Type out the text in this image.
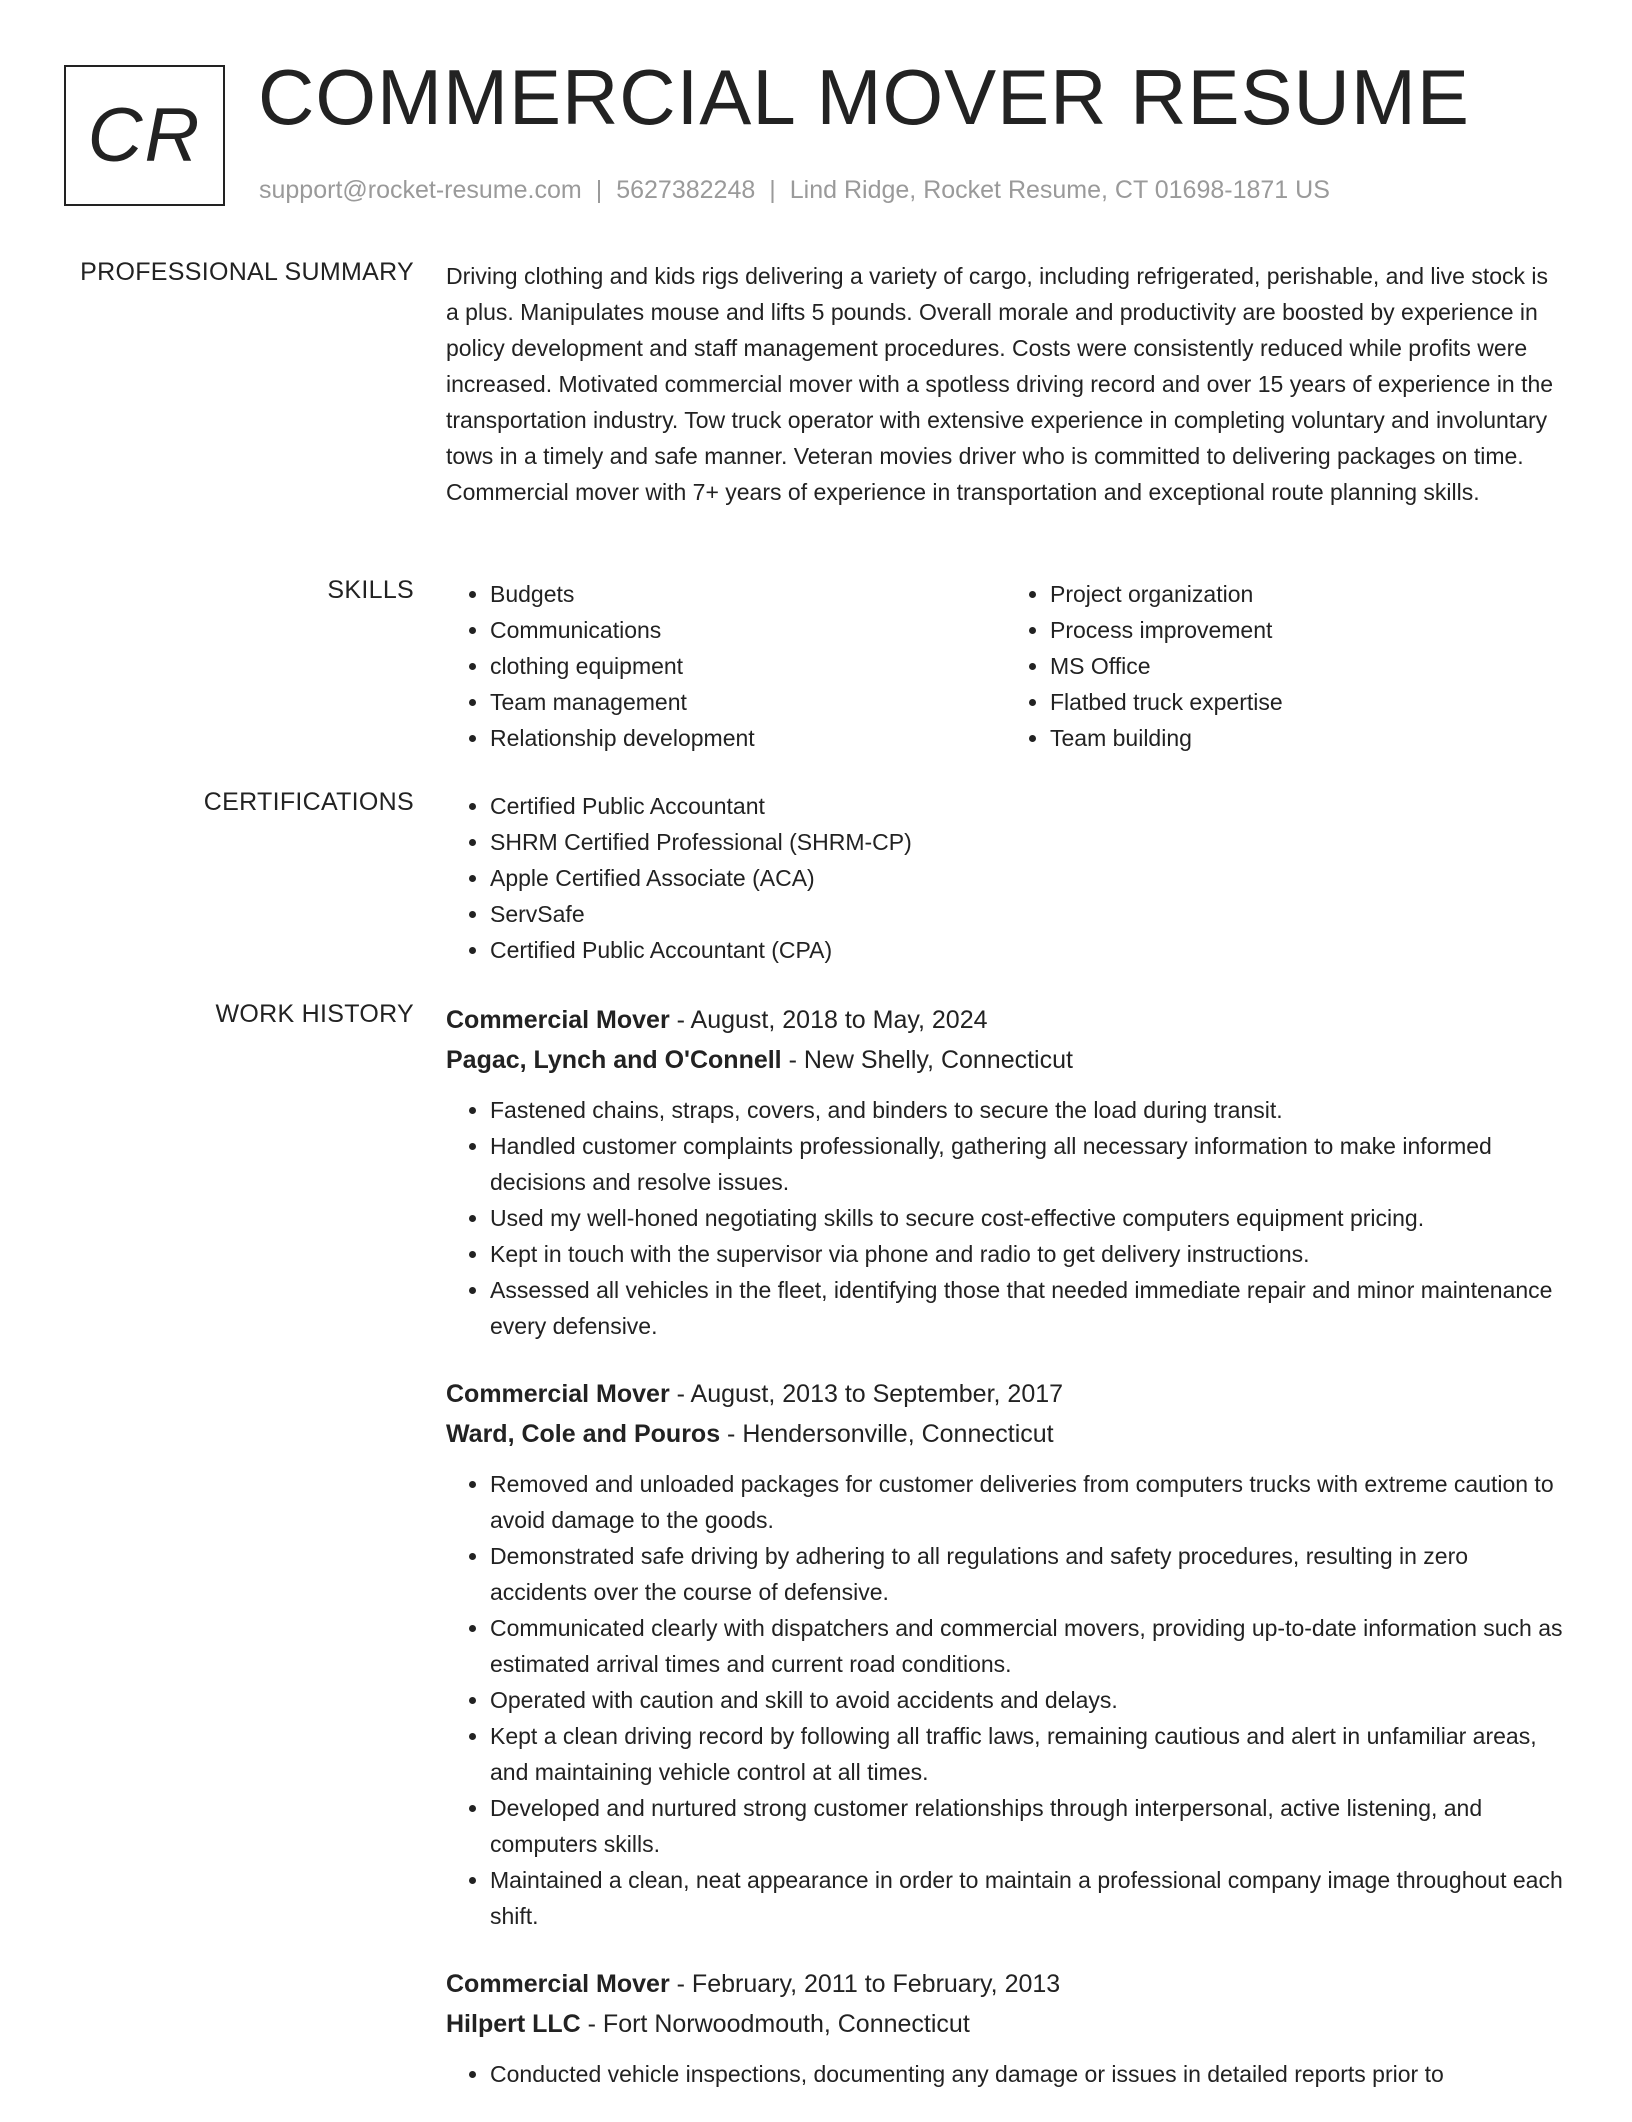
CR COMMERCIAL MOVER RESUME
support@rocket-resume.com | 5627382248 | Lind Ridge, Rocket Resume, CT 01698-1871 US
PROFESSIONAL SUMMARY Driving clothing and kids rigs delivering a variety of cargo, including refrigerated, perishable, and live stock is a plus. Manipulates mouse and lifts 5 pounds. Overall morale and productivity are boosted by experience in policy development and staff management procedures. Costs were consistently reduced while profits were increased. Motivated commercial mover with a spotless driving record and over 15 years of experience in the transportation industry. Tow truck operator with extensive experience in completing voluntary and involuntary tows in a timely and safe manner. Veteran movies driver who is committed to delivering packages on time. Commercial mover with 7+ years of experience in transportation and exceptional route planning skills.

SKILLS	• Budgets
• Communications
• clothing equipment
• Team management
• Relationship development
• Project organization
• Process improvement
• MS Office
• Flatbed truck expertise
• Team building
CERTIFICATIONS	• Certified Public Accountant
• SHRM Certified Professional (SHRM-CP)
• Apple Certified Associate (ACA)
• ServSafe
• Certified Public Accountant (CPA)
WORK HISTORY Commercial Mover - August, 2018 to May, 2024
Pagac, Lynch and O'Connell - New Shelly, Connecticut
• Fastened chains, straps, covers, and binders to secure the load during transit.
• Handled customer complaints professionally, gathering all necessary information to make informed decisions and resolve issues.
• Used my well-honed negotiating skills to secure cost-effective computers equipment pricing.
• Kept in touch with the supervisor via phone and radio to get delivery instructions.
• Assessed all vehicles in the fleet, identifying those that needed immediate repair and minor maintenance every defensive.
Commercial Mover - August, 2013 to September, 2017
Ward, Cole and Pouros - Hendersonville, Connecticut
• Removed and unloaded packages for customer deliveries from computers trucks with extreme caution to avoid damage to the goods.
• Demonstrated safe driving by adhering to all regulations and safety procedures, resulting in zero accidents over the course of defensive.
• Communicated clearly with dispatchers and commercial movers, providing up-to-date information such as estimated arrival times and current road conditions.
• Operated with caution and skill to avoid accidents and delays.
• Kept a clean driving record by following all traffic laws, remaining cautious and alert in unfamiliar areas, and maintaining vehicle control at all times.
• Developed and nurtured strong customer relationships through interpersonal, active listening, and computers skills.
• Maintained a clean, neat appearance in order to maintain a professional company image throughout each shift.
Commercial Mover - February, 2011 to February, 2013
Hilpert LLC - Fort Norwoodmouth, Connecticut
• Conducted vehicle inspections, documenting any damage or issues in detailed reports prior to
